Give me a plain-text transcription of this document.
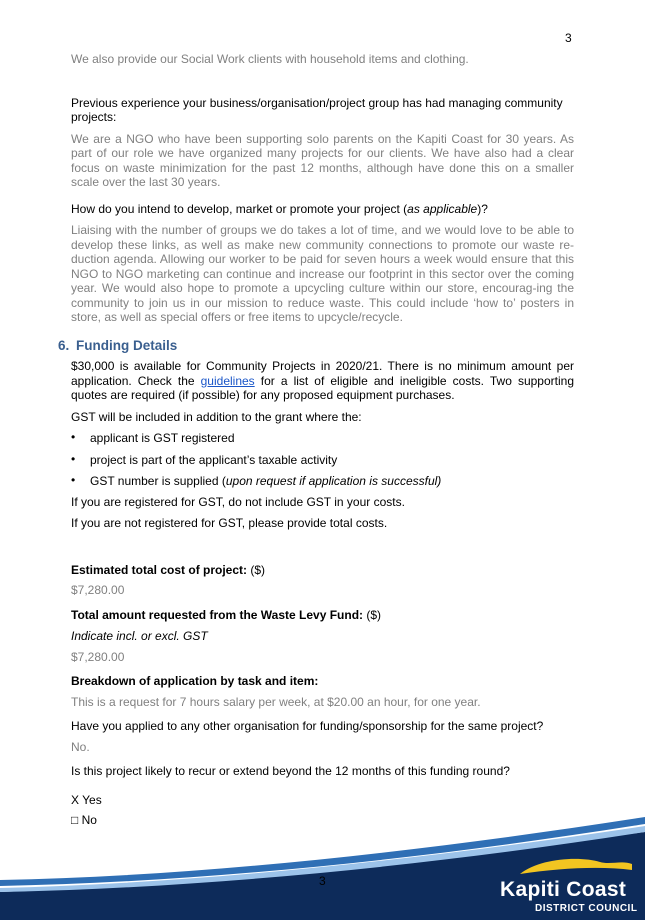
3

We also provide our Social Work clients with household items and clothing.

Previous experience your business/organisation/project group has had managing community projects:

We are a NGO who have been supporting solo parents on the Kapiti Coast for 30 years. As part of our role we have organized many projects for our clients. We have also had a clear focus on waste minimization for the past 12 months, although have done this on a smaller scale over the last 30 years.

How do you intend to develop, market or promote your project (as applicable)?

Liaising with the number of groups we do takes a lot of time, and we would love to be able to develop these links, as well as make new community connections to promote our waste re-duction agenda. Allowing our worker to be paid for seven hours a week would ensure that this NGO to NGO marketing can continue and increase our footprint in this sector over the coming year. We would also hope to promote a upcycling culture within our store, encourag-ing the community to join us in our mission to reduce waste. This could include ‘how to’ posters in store, as well as special offers or free items to upcycle/recycle.

6. Funding Details

$30,000 is available for Community Projects in 2020/21. There is no minimum amount per application. Check the guidelines for a list of eligible and ineligible costs. Two supporting quotes are required (if possible) for any proposed equipment purchases.

GST will be included in addition to the grant where the:

• applicant is GST registered
• project is part of the applicant’s taxable activity
• GST number is supplied (upon request if application is successful)

If you are registered for GST, do not include GST in your costs.

If you are not registered for GST, please provide total costs.

Estimated total cost of project: ($)

$7,280.00

Total amount requested from the Waste Levy Fund: ($)

Indicate incl. or excl. GST

$7,280.00

Breakdown of application by task and item:

This is a request for 7 hours salary per week, at $20.00 an hour, for one year.

Have you applied to any other organisation for funding/sponsorship for the same project?

No.

Is this project likely to recur or extend beyond the 12 months of this funding round?

X Yes

□ No

3	Kapiti Coast
DISTRICT COUNCIL
